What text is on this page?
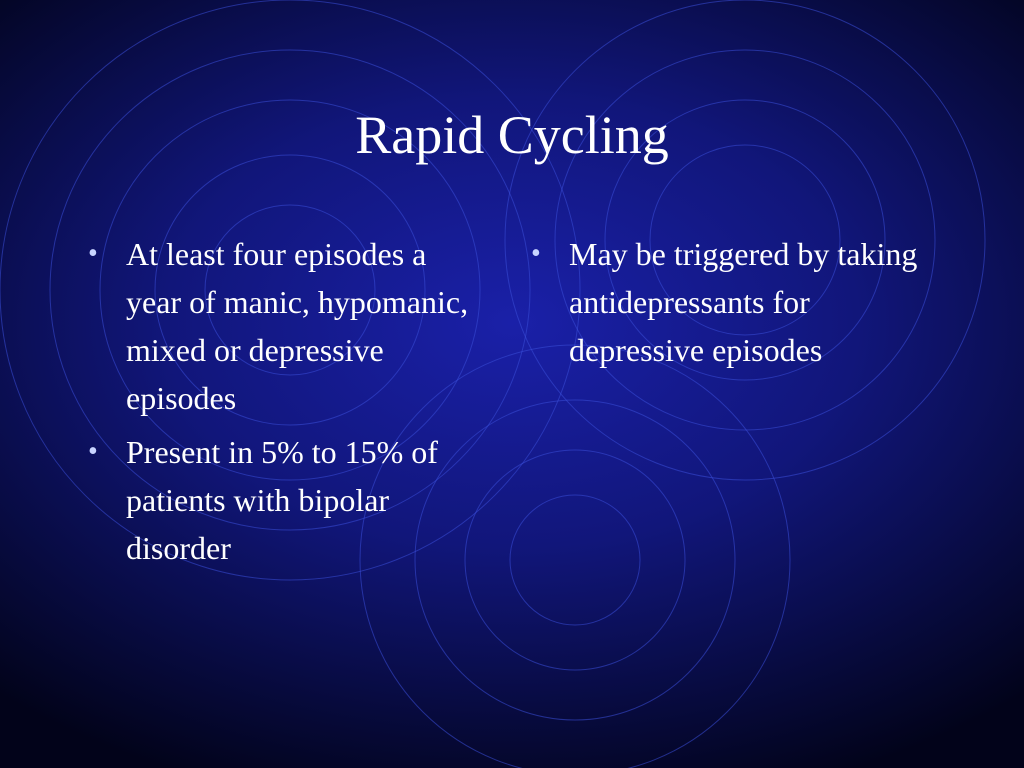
Rapid Cycling
• At least four episodes a year of manic, hypomanic, mixed or depressive episodes
• Present in 5% to 15% of patients with bipolar disorder
• May be triggered by taking antidepressants for depressive episodes
